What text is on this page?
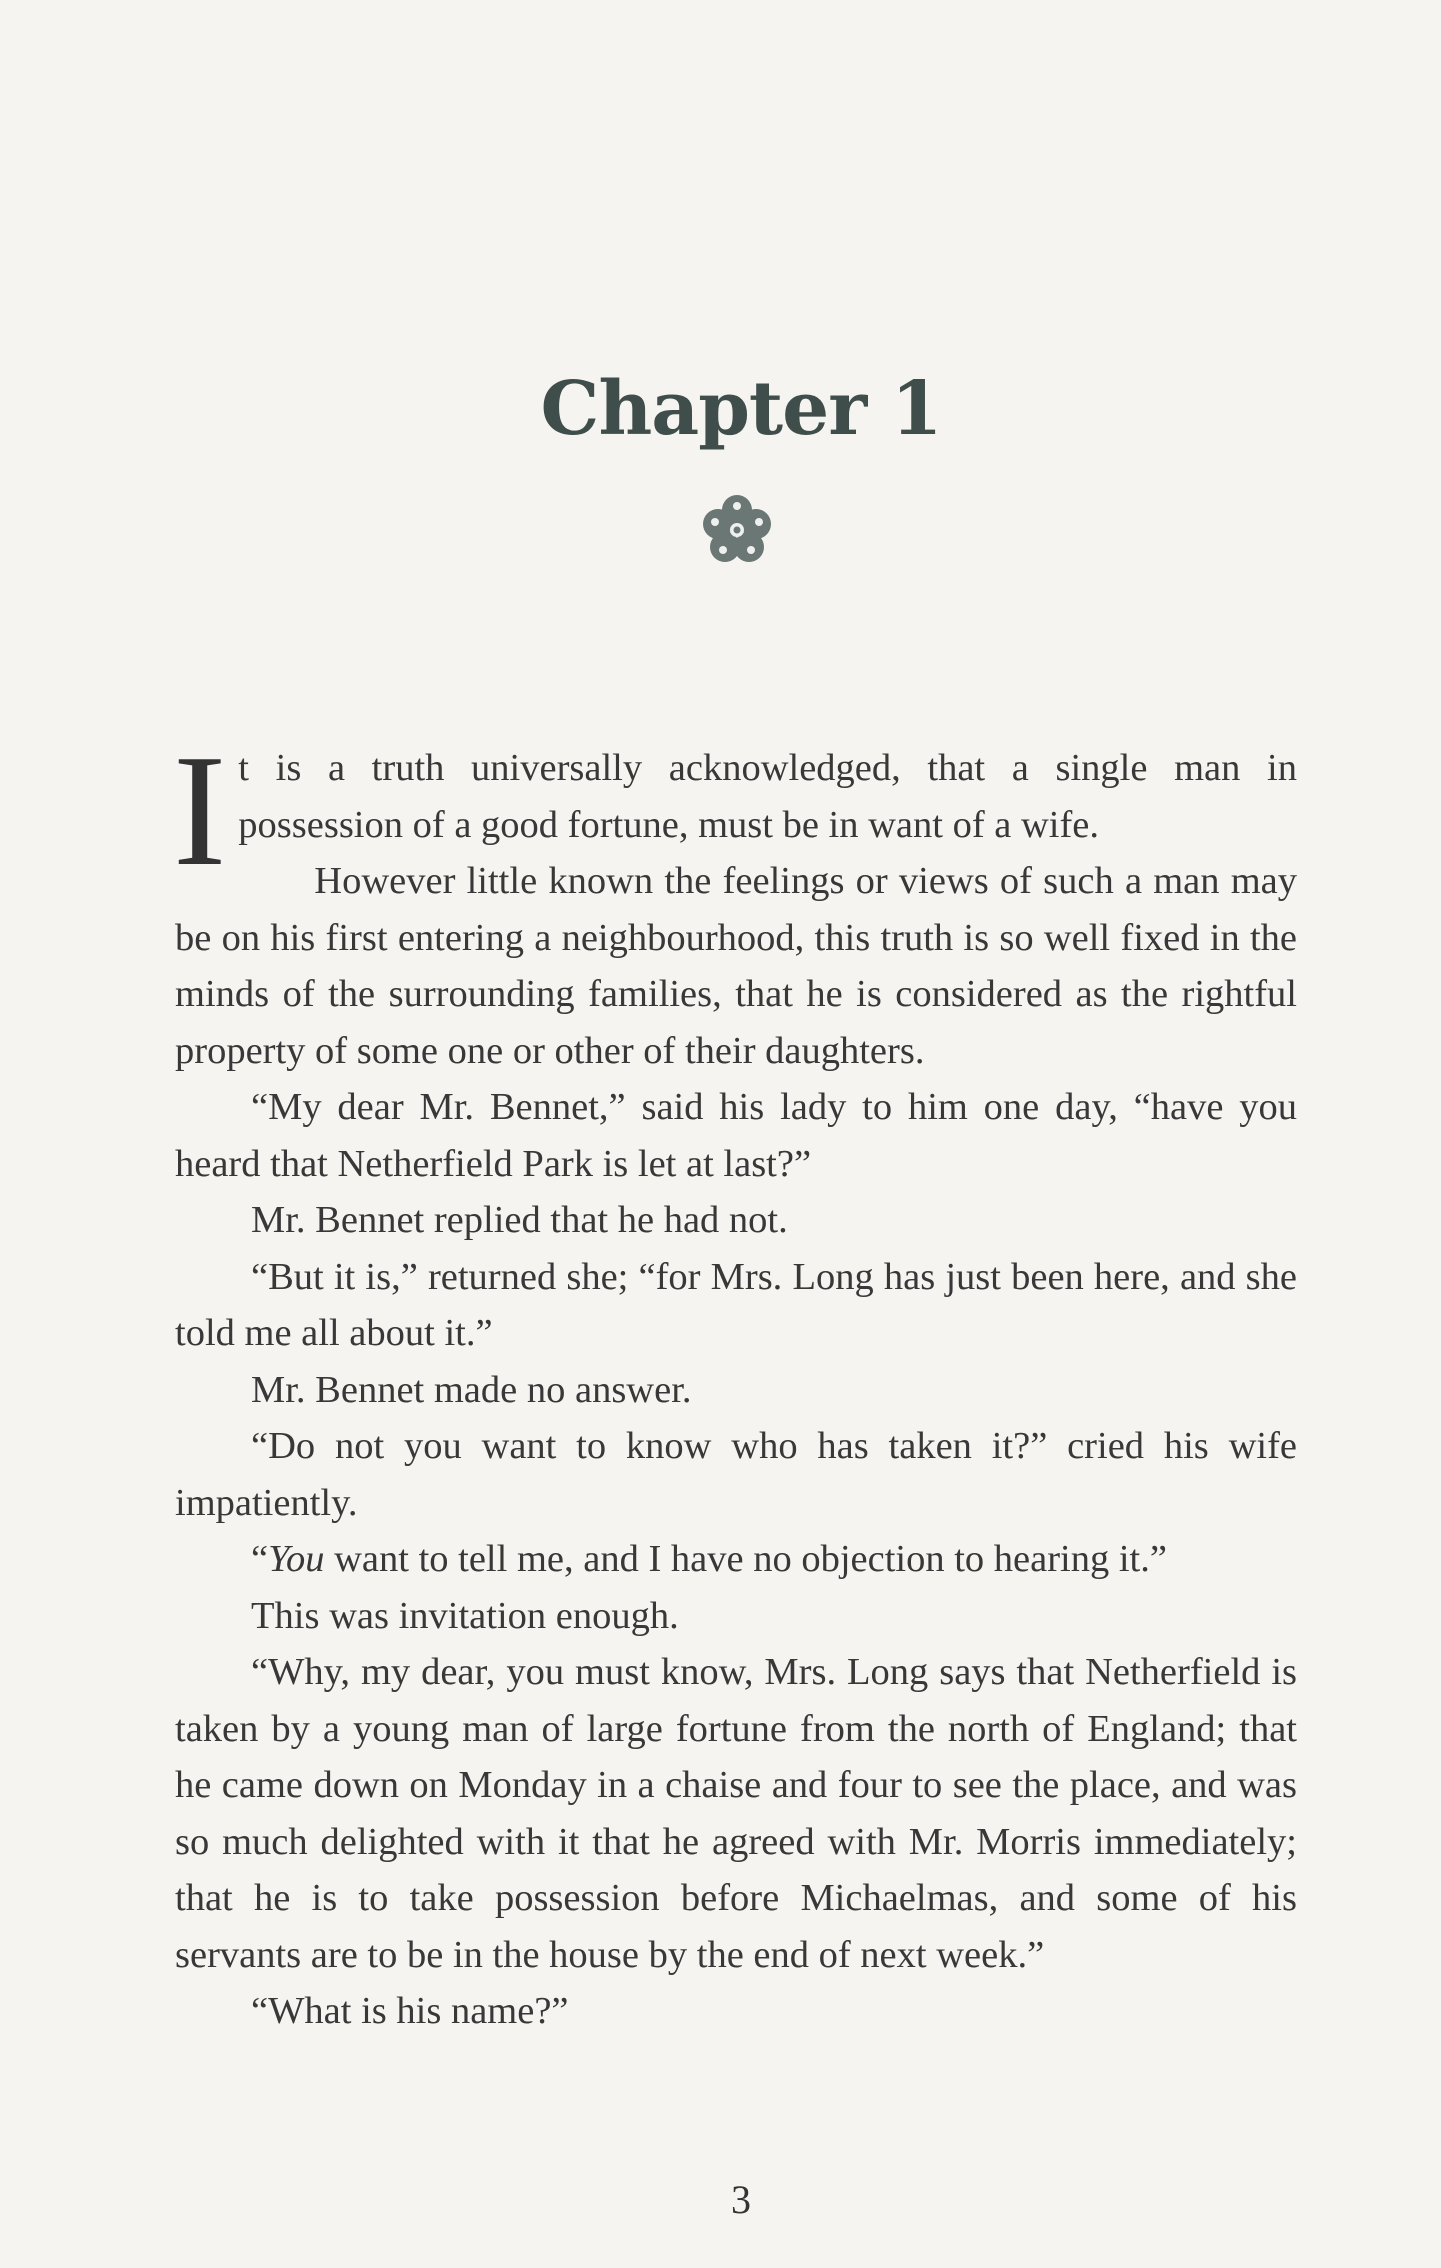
Chapter 1

It is a truth universally acknowledged, that a single man in possession of a good fortune, must be in want of a wife.

However little known the feelings or views of such a man may be on his first entering a neighbourhood, this truth is so well fixed in the minds of the surrounding families, that he is considered as the rightful property of some one or other of their daughters.

“My dear Mr. Bennet,” said his lady to him one day, “have you heard that Netherfield Park is let at last?”

Mr. Bennet replied that he had not.

“But it is,” returned she; “for Mrs. Long has just been here, and she told me all about it.”

Mr. Bennet made no answer.

“Do not you want to know who has taken it?” cried his wife impatiently.

“You want to tell me, and I have no objection to hearing it.”

This was invitation enough.

“Why, my dear, you must know, Mrs. Long says that Netherfield is taken by a young man of large fortune from the north of England; that he came down on Monday in a chaise and four to see the place, and was so much delighted with it that he agreed with Mr. Morris immediately; that he is to take possession before Michaelmas, and some of his servants are to be in the house by the end of next week.”

“What is his name?”

3
